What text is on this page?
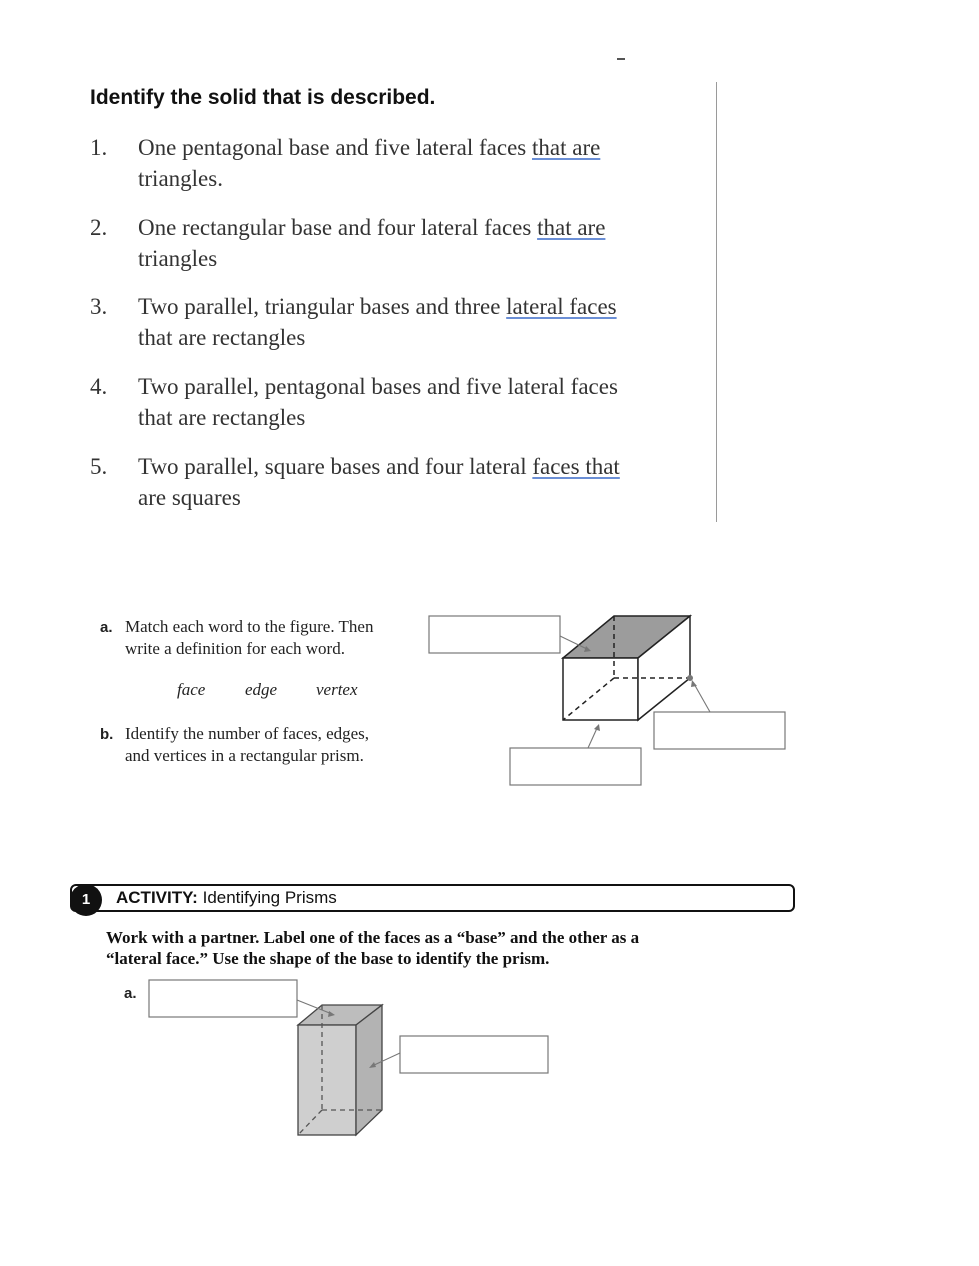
Identify the solid that is described.
1. One pentagonal base and five lateral faces that are
triangles.
2. One rectangular base and four lateral faces that are
triangles
3. Two parallel, triangular bases and three lateral faces
that are rectangles
4. Two parallel, pentagonal bases and five lateral faces
that are rectangles
5. Two parallel, square bases and four lateral faces that
are squares
a. Match each word to the figure. Then
write a definition for each word.
face edge vertex
b. Identify the number of faces, edges,
and vertices in a rectangular prism.
1	ACTIVITY: Identifying Prisms
Work with a partner. Label one of the faces as a “base” and the other as a
“lateral face.” Use the shape of the base to identify the prism.
a.
